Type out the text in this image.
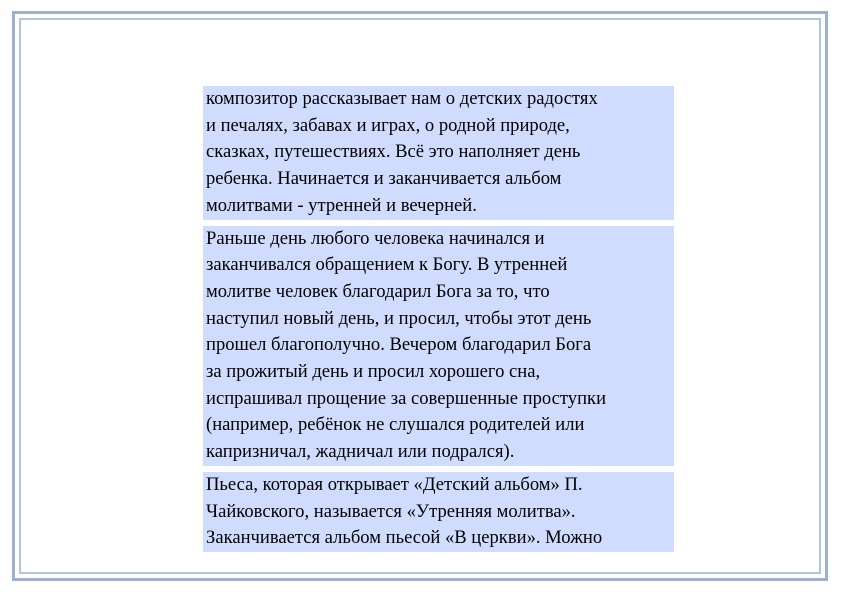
композитор рассказывает нам о детских радостях
и печалях, забавах и играх, о родной природе,
сказках, путешествиях. Всё это наполняет день
ребенка. Начинается и заканчивается альбом
молитвами - утренней и вечерней.
Раньше день любого человека начинался и
заканчивался обращением к Богу. В утренней
молитве человек благодарил Бога за то, что
наступил новый день, и просил, чтобы этот день
прошел благополучно. Вечером благодарил Бога
за прожитый день и просил хорошего сна,
испрашивал прощение за совершенные проступки
(например, ребёнок не слушался родителей или
капризничал, жадничал или подрался).
Пьеса, которая открывает «Детский альбом» П.
Чайковского, называется «Утренняя молитва».
Заканчивается альбом пьесой «В церкви». Можно
